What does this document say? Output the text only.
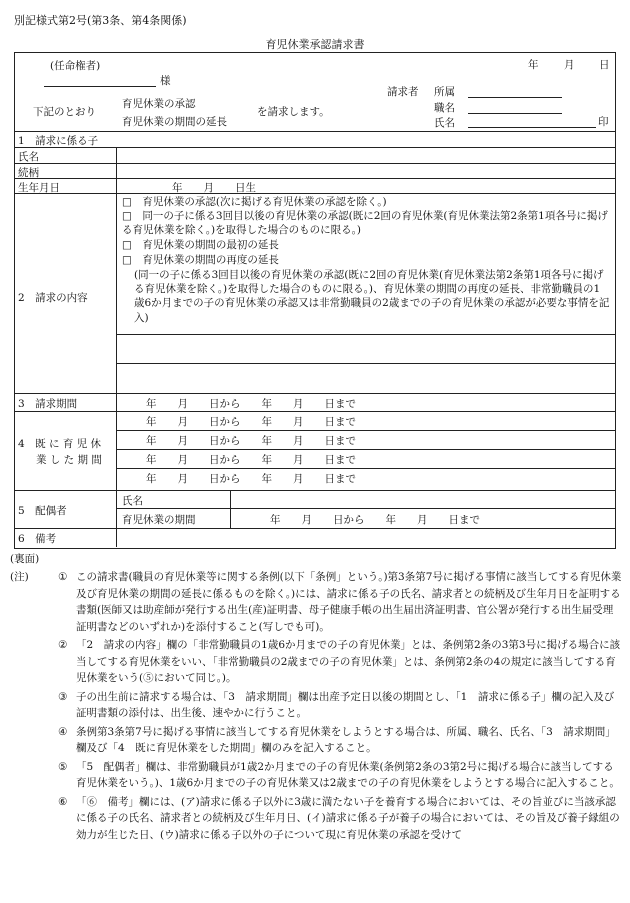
別記様式第2号(第3条、第4条関係)
育児休業承認請求書
(任命権者)
様
年 月 日
請求者 所属
職名
氏名	印
下記のとおり
育児休業の承認
育児休業の期間の延長
を請求します。
1　請求に係る子
氏名
続柄
生年月日	年　　月　　日生
2　請求の内容
□　育児休業の承認(次に掲げる育児休業の承認を除く。)
□　同一の子に係る3回目以後の育児休業の承認(既に2回の育児休業(育児休業法第2条第1項各号に掲げる育児休業を除く。)を取得した場合のものに限る。)
□　育児休業の期間の最初の延長
□　育児休業の期間の再度の延長
(同一の子に係る3回目以後の育児休業の承認(既に2回の育児休業(育児休業法第2条第1項各号に掲げる育児休業を除く。)を取得した場合のものに限る。)、育児休業の期間の再度の延長、非常勤職員の1歳6か月までの子の育児休業の承認又は非常勤職員の2歳までの子の育児休業の承認が必要な事情を記入)
3　請求期間	年　　月　　日から　　年　　月　　日まで
4　既 に 育 児 休
業 し た 期 間
年　　月　　日から　　年　　月　　日まで
年　　月　　日から　　年　　月　　日まで
年　　月　　日から　　年　　月　　日まで
年　　月　　日から　　年　　月　　日まで
5　配偶者
氏名
育児休業の期間	年　　月　　日から　　年　　月　　日まで
6　備考
(裏面)
(注)	① この請求書(職員の育児休業等に関する条例(以下「条例」という。)第3条第7号に掲げる事情に該当してする育児休業及び育児休業の期間の延長に係るものを除く。)には、請求に係る子の氏名、請求者との続柄及び生年月日を証明する書類(医師又は助産師が発行する出生(産)証明書、母子健康手帳の出生届出済証明書、官公署が発行する出生届受理証明書などのいずれか)を添付すること(写しでも可)。
② 「2　請求の内容」欄の「非常勤職員の1歳6か月までの子の育児休業」とは、条例第2条の3第3号に掲げる場合に該当してする育児休業をいい、「非常勤職員の2歳までの子の育児休業」とは、条例第2条の4の規定に該当してする育児休業をいう(⑤において同じ。)。
③ 子の出生前に請求する場合は、「3　請求期間」欄は出産予定日以後の期間とし、「1　請求に係る子」欄の記入及び証明書類の添付は、出生後、速やかに行うこと。
④ 条例第3条第7号に掲げる事情に該当してする育児休業をしようとする場合は、所属、職名、氏名、「3　請求期間」欄及び「4　既に育児休業をした期間」欄のみを記入すること。
⑤ 「5　配偶者」欄は、非常勤職員が1歳2か月までの子の育児休業(条例第2条の3第2号に掲げる場合に該当してする育児休業をいう。)、1歳6か月までの子の育児休業又は2歳までの子の育児休業をしようとする場合に記入すること。
⑥ 「⑥　備考」欄には、(ア)請求に係る子以外に3歳に満たない子を養育する場合においては、その旨並びに当該承認に係る子の氏名、請求者との続柄及び生年月日、(イ)請求に係る子が養子の場合においては、その旨及び養子縁組の効力が生じた日、(ウ)請求に係る子以外の子について現に育児休業の承認を受けて
